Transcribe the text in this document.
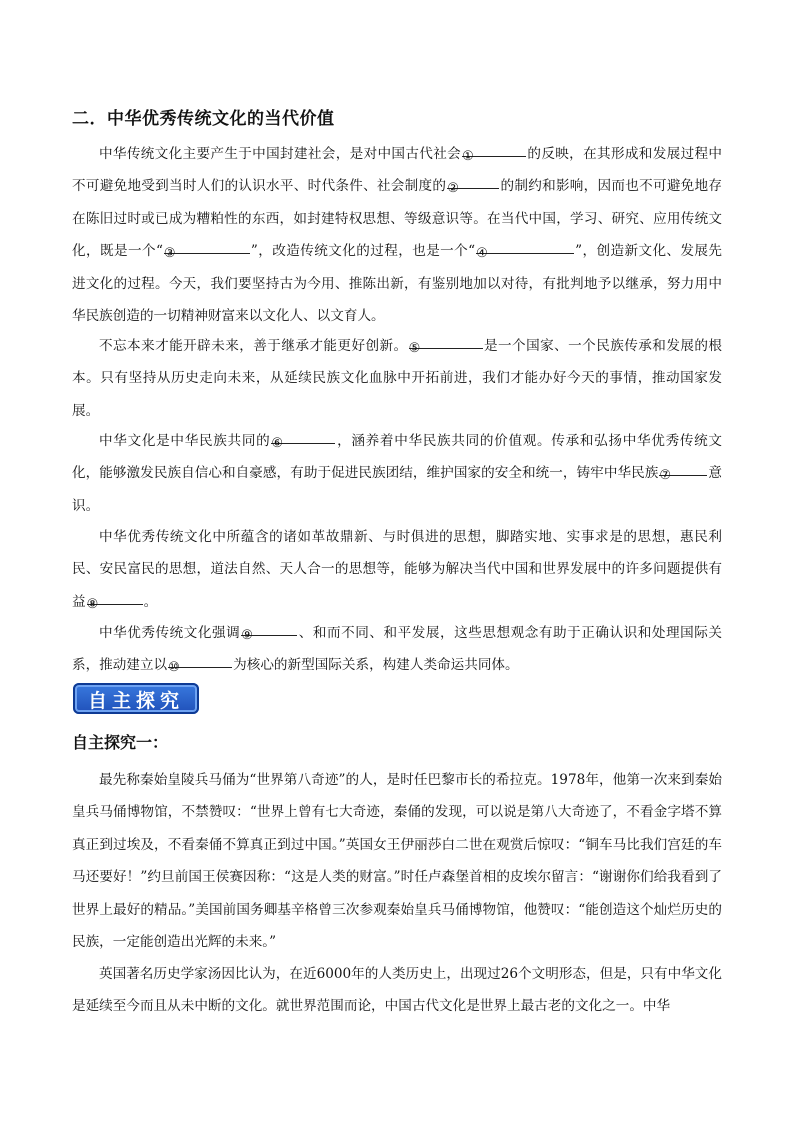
二．中华优秀传统文化的当代价值

中华传统文化主要产生于中国封建社会，是对中国古代社会①	的反映，在其形成和发展过程中不可避免地受到当时人们的认识水平、时代条件、社会制度的②	的制约和影响，因而也不可避免地存在陈旧过时或已成为糟粕性的东西，如封建特权思想、等级意识等。在当代中国，学习、研究、应用传统文化，既是一个“③	”，改造传统文化的过程，也是一个“④	”，创造新文化、发展先进文化的过程。今天，我们要坚持古为今用、推陈出新，有鉴别地加以对待，有批判地予以继承，努力用中华民族创造的一切精神财富来以文化人、以文育人。

不忘本来才能开辟未来，善于继承才能更好创新。⑤	是一个国家、一个民族传承和发展的根本。只有坚持从历史走向未来，从延续民族文化血脉中开拓前进，我们才能办好今天的事情，推动国家发展。

中华文化是中华民族共同的⑥	，涵养着中华民族共同的价值观。传承和弘扬中华优秀传统文化，能够激发民族自信心和自豪感，有助于促进民族团结，维护国家的安全和统一，铸牢中华民族⑦	意识。

中华优秀传统文化中所蕴含的诸如革故鼎新、与时俱进的思想，脚踏实地、实事求是的思想，惠民利民、安民富民的思想，道法自然、天人合一的思想等，能够为解决当代中国和世界发展中的许多问题提供有益⑧	。

中华优秀传统文化强调⑨	、和而不同、和平发展，这些思想观念有助于正确认识和处理国际关系，推动建立以⑩	为核心的新型国际关系，构建人类命运共同体。

自主探究
自主探究一：

最先称秦始皇陵兵马俑为“世界第八奇迹”的人，是时任巴黎市长的希拉克。1978年，他第一次来到秦始皇兵马俑博物馆，不禁赞叹：“世界上曾有七大奇迹，秦俑的发现，可以说是第八大奇迹了，不看金字塔不算真正到过埃及，不看秦俑不算真正到过中国。”英国女王伊丽莎白二世在观赏后惊叹：“铜车马比我们宫廷的车马还要好！”约旦前国王侯赛因称：“这是人类的财富。”时任卢森堡首相的皮埃尔留言：“谢谢你们给我看到了世界上最好的精品。”美国前国务卿基辛格曾三次参观秦始皇兵马俑博物馆，他赞叹：“能创造这个灿烂历史的民族，一定能创造出光辉的未来。”

英国著名历史学家汤因比认为，在近6000年的人类历史上，出现过26个文明形态，但是，只有中华文化是延续至今而且从未中断的文化。就世界范围而论，中国古代文化是世界上最古老的文化之一。中华
